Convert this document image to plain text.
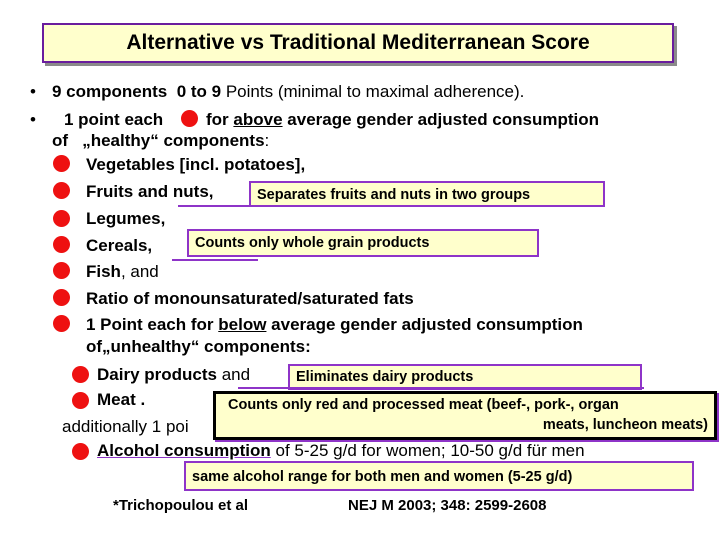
Alternative vs Traditional Mediterranean Score
• 9 components 0 to 9 Points (minimal to maximal adherence).
• 1 point each	for above average gender adjusted consumption
of „healthy“ components:
Vegetables [incl. potatoes],
Fruits and nuts,	Separates fruits and nuts in two groups
Legumes,
Counts only whole grain products
Cereals,
Fish, and
Ratio of monounsaturated/saturated fats
1 Point each for below average gender adjusted consumption
of„unhealthy“ components:
Dairy products and	Eliminates dairy products
Meat .
additionally 1 poi
Counts only red and processed meat (beef-, pork-, organ
meats, luncheon meats)
Alcohol consumption of 5-25 g/d for women; 10-50 g/d für men
same alcohol range for both men and women (5-25 g/d)
*Trichopoulou et al	NEJ M 2003; 348: 2599-2608
